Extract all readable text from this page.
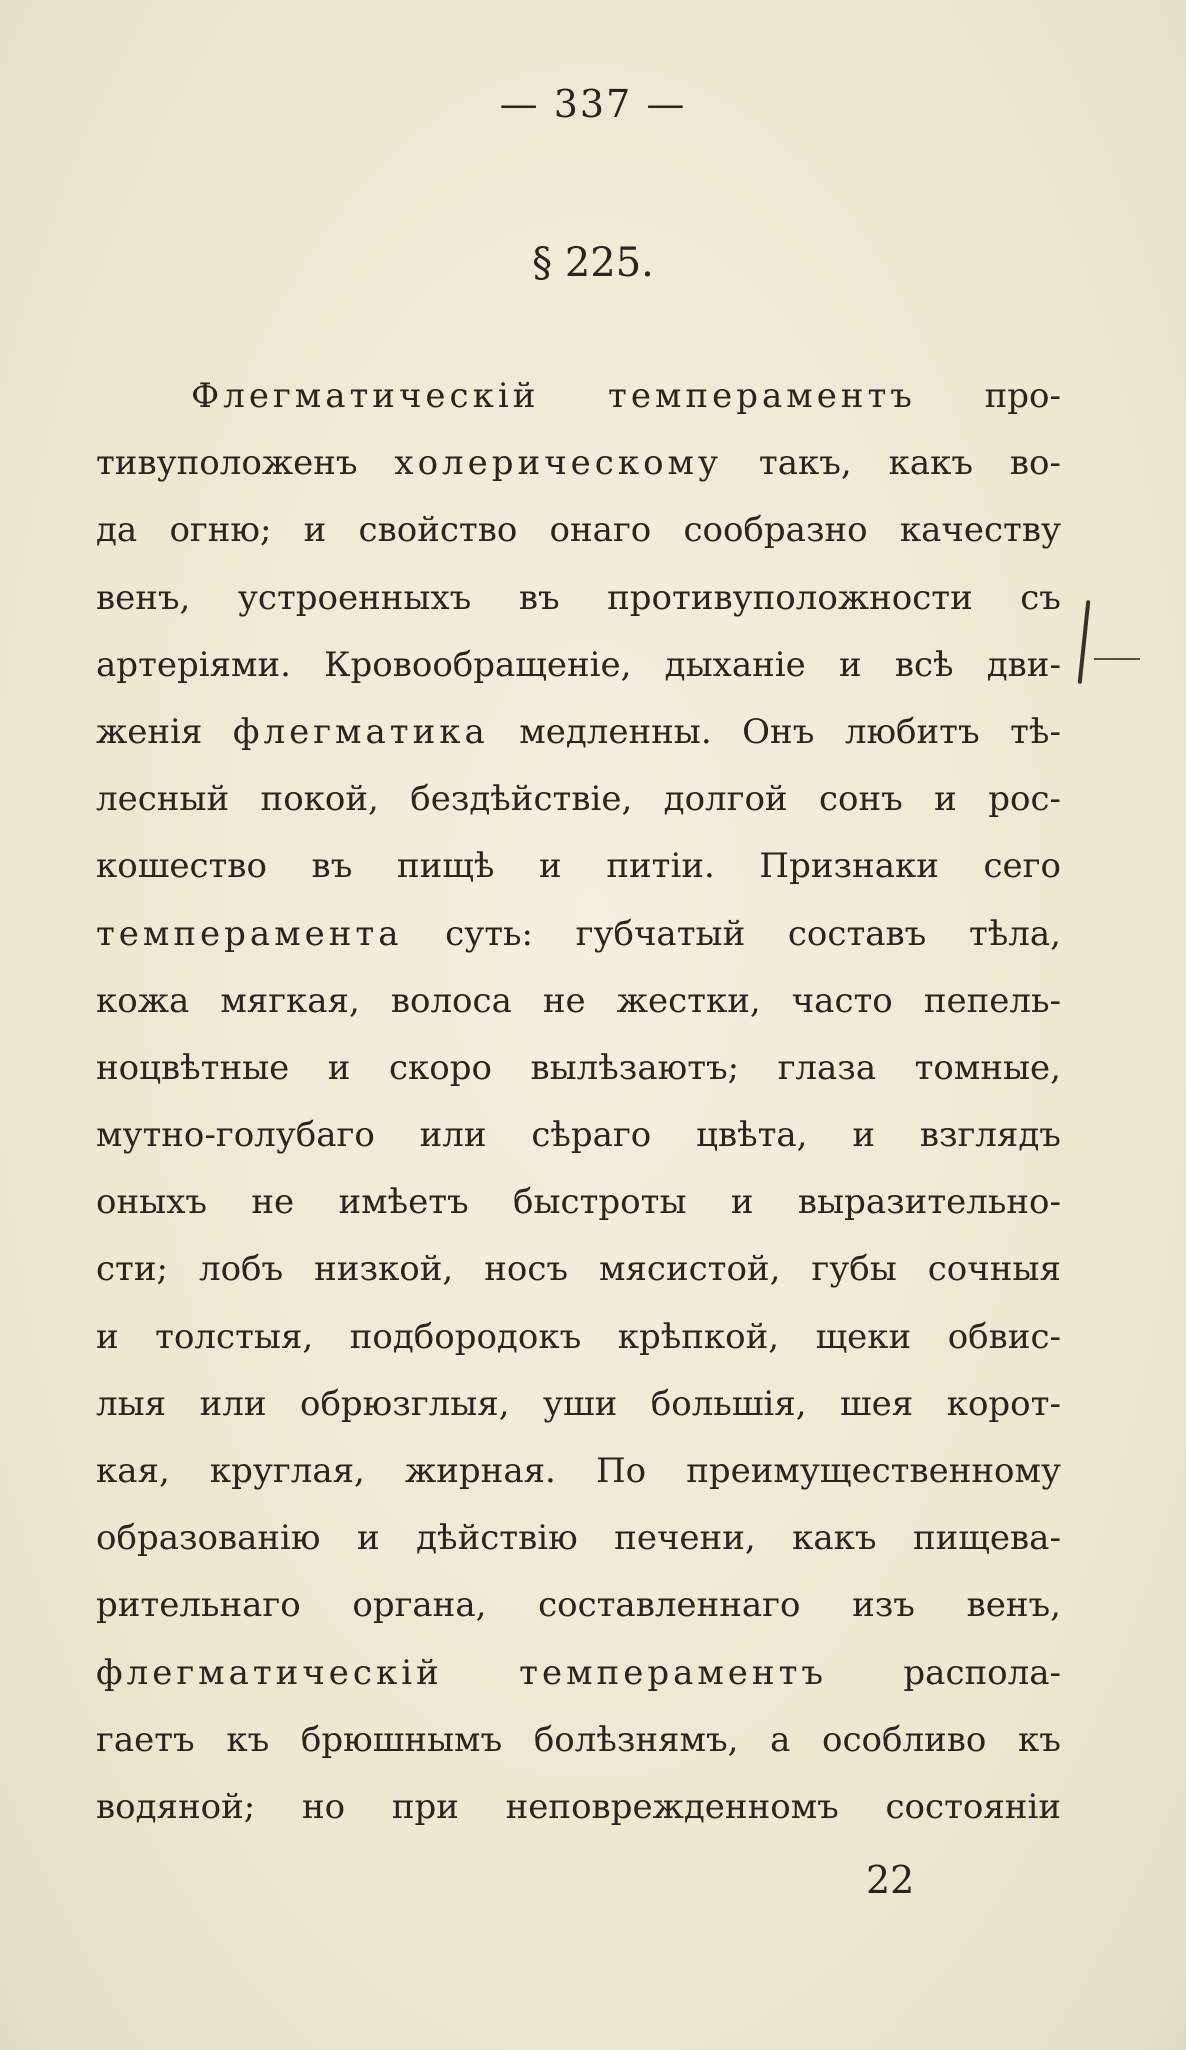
— 337 —
§ 225.
Флегматическій темпераментъ про-
тивуположенъ холерическому такъ, какъ во-
да огню; и свойство онаго сообразно качеству
венъ, устроенныхъ въ противуположности съ
артеріями. Кровообращеніе, дыханіе и всѣ дви-
женія флегматика медленны. Онъ любитъ тѣ-
лесный покой, бездѣйствіе, долгой сонъ и рос-
кошество въ пищѣ и питіи. Признаки сего
темперамента суть: губчатый составъ тѣла,
кожа мягкая, волоса не жестки, часто пепель-
ноцвѣтные и скоро вылѣзаютъ; глаза томные,
мутно-голубаго или сѣраго цвѣта, и взглядъ
оныхъ не имѣетъ быстроты и выразительно-
сти; лобъ низкой, носъ мясистой, губы сочныя
и толстыя, подбородокъ крѣпкой, щеки обвис-
лыя или обрюзглыя, уши большія, шея корот-
кая, круглая, жирная. По преимущественному
образованію и дѣйствію печени, какъ пищева-
рительнаго органа, составленнаго изъ венъ,
флегматическій темпераментъ распола-
гаетъ къ брюшнымъ болѣзнямъ, а особливо къ
водяной; но при неповрежденномъ состояніи
22
